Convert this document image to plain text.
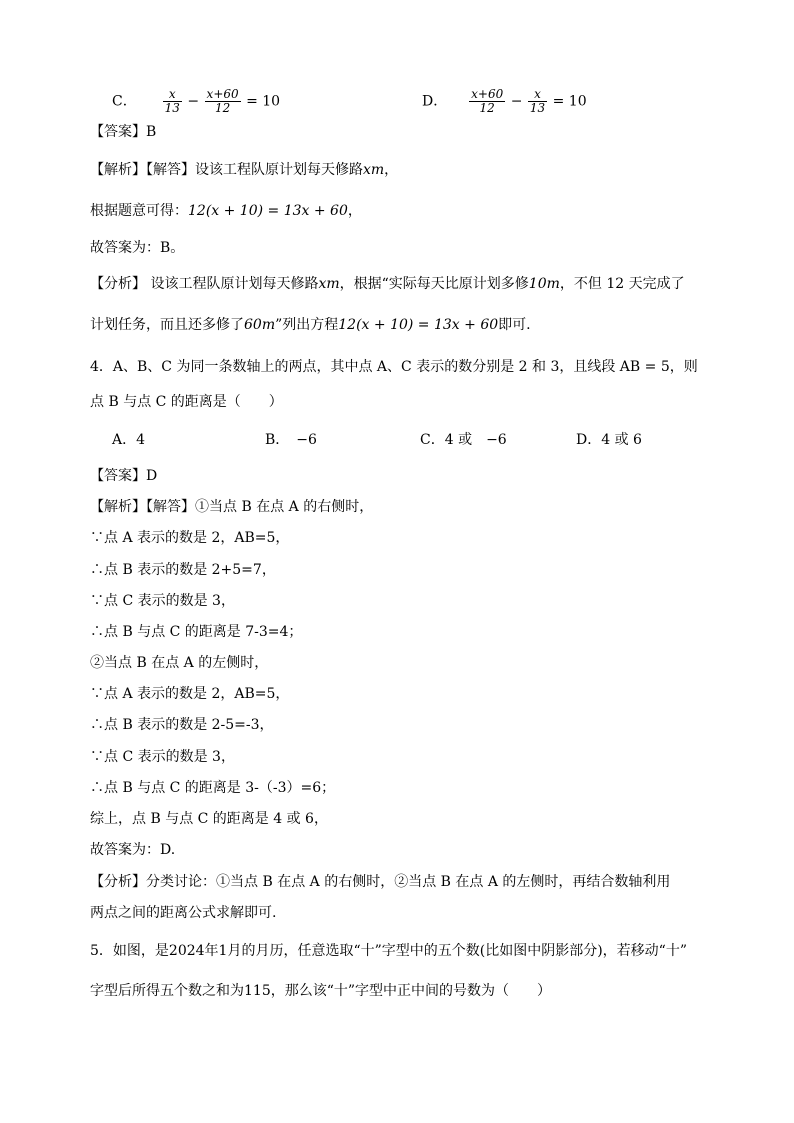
C． $\frac{x}{13} - \frac{x+60}{12} = 10$	D． $\frac{x+60}{12} - \frac{x}{13} = 10$
【答案】B
【解析】【解答】设该工程队原计划每天修路xm，
根据题意可得：12(x + 10) = 13x + 60，
故答案为：B。
【分析】 设该工程队原计划每天修路xm，根据“实际每天比原计划多修10m，不但 12 天完成了
计划任务，而且还多修了60m”列出方程12(x + 10) = 13x + 60即可.
4．A、B、C 为同一条数轴上的两点，其中点 A、C 表示的数分别是 2 和 3，且线段 AB = 5，则
点 B 与点 C 的距离是（　　）
A．4	B．　−6	C．4 或　−6	D．4 或 6
【答案】D
【解析】【解答】①当点 B 在点 A 的右侧时，
∵点 A 表示的数是 2，AB=5，
∴点 B 表示的数是 2+5=7，
∵点 C 表示的数是 3，
∴点 B 与点 C 的距离是 7-3=4；
②当点 B 在点 A 的左侧时，
∵点 A 表示的数是 2，AB=5，
∴点 B 表示的数是 2-5=-3，
∵点 C 表示的数是 3，
∴点 B 与点 C 的距离是 3-（-3）=6；
综上，点 B 与点 C 的距离是 4 或 6，
故答案为：D.
【分析】分类讨论：①当点 B 在点 A 的右侧时，②当点 B 在点 A 的左侧时，再结合数轴利用
两点之间的距离公式求解即可.
5．如图，是2024年1月的月历，任意选取“十”字型中的五个数(比如图中阴影部分)，若移动“十”
字型后所得五个数之和为115，那么该“十”字型中正中间的号数为（　　）
